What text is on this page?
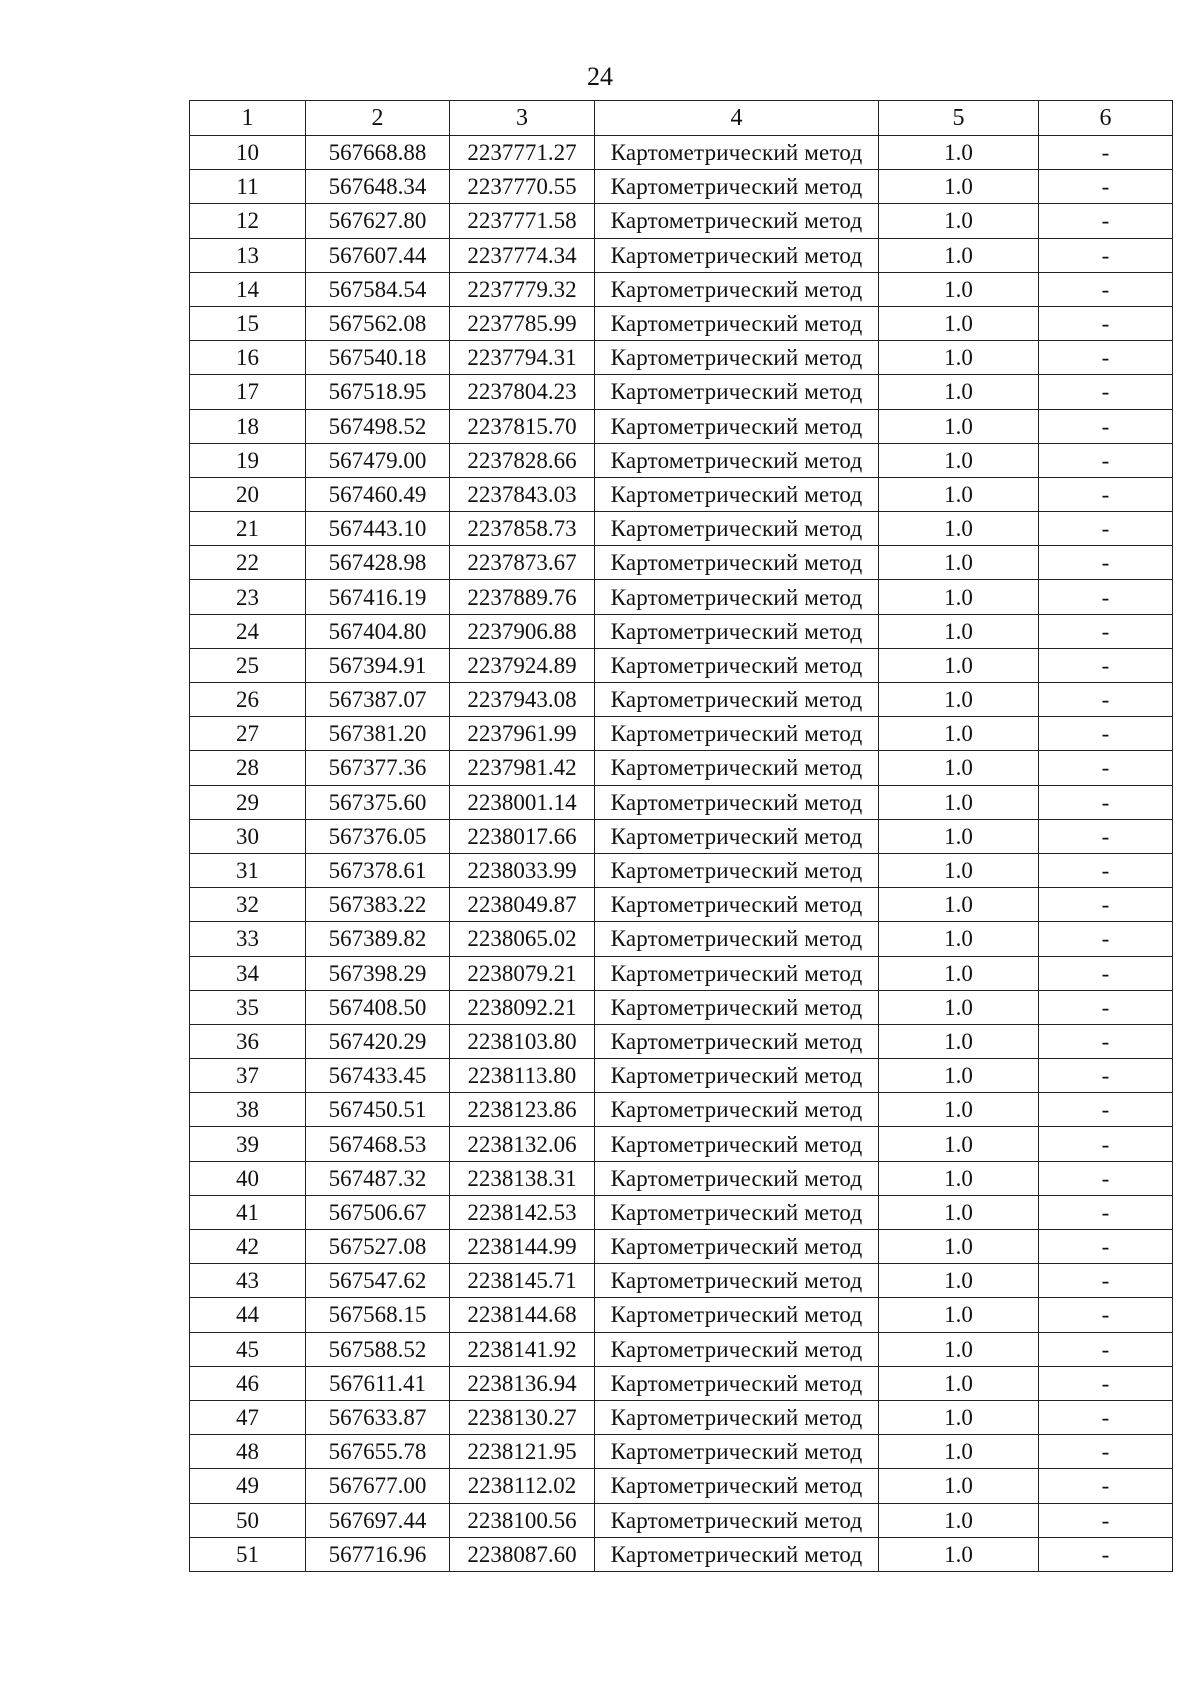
24
1	2	3	4	5	6
10	567668.88	2237771.27	Картометрический метод	1.0	-
11	567648.34	2237770.55	Картометрический метод	1.0	-
12	567627.80	2237771.58	Картометрический метод	1.0	-
13	567607.44	2237774.34	Картометрический метод	1.0	-
14	567584.54	2237779.32	Картометрический метод	1.0	-
15	567562.08	2237785.99	Картометрический метод	1.0	-
16	567540.18	2237794.31	Картометрический метод	1.0	-
17	567518.95	2237804.23	Картометрический метод	1.0	-
18	567498.52	2237815.70	Картометрический метод	1.0	-
19	567479.00	2237828.66	Картометрический метод	1.0	-
20	567460.49	2237843.03	Картометрический метод	1.0	-
21	567443.10	2237858.73	Картометрический метод	1.0	-
22	567428.98	2237873.67	Картометрический метод	1.0	-
23	567416.19	2237889.76	Картометрический метод	1.0	-
24	567404.80	2237906.88	Картометрический метод	1.0	-
25	567394.91	2237924.89	Картометрический метод	1.0	-
26	567387.07	2237943.08	Картометрический метод	1.0	-
27	567381.20	2237961.99	Картометрический метод	1.0	-
28	567377.36	2237981.42	Картометрический метод	1.0	-
29	567375.60	2238001.14	Картометрический метод	1.0	-
30	567376.05	2238017.66	Картометрический метод	1.0	-
31	567378.61	2238033.99	Картометрический метод	1.0	-
32	567383.22	2238049.87	Картометрический метод	1.0	-
33	567389.82	2238065.02	Картометрический метод	1.0	-
34	567398.29	2238079.21	Картометрический метод	1.0	-
35	567408.50	2238092.21	Картометрический метод	1.0	-
36	567420.29	2238103.80	Картометрический метод	1.0	-
37	567433.45	2238113.80	Картометрический метод	1.0	-
38	567450.51	2238123.86	Картометрический метод	1.0	-
39	567468.53	2238132.06	Картометрический метод	1.0	-
40	567487.32	2238138.31	Картометрический метод	1.0	-
41	567506.67	2238142.53	Картометрический метод	1.0	-
42	567527.08	2238144.99	Картометрический метод	1.0	-
43	567547.62	2238145.71	Картометрический метод	1.0	-
44	567568.15	2238144.68	Картометрический метод	1.0	-
45	567588.52	2238141.92	Картометрический метод	1.0	-
46	567611.41	2238136.94	Картометрический метод	1.0	-
47	567633.87	2238130.27	Картометрический метод	1.0	-
48	567655.78	2238121.95	Картометрический метод	1.0	-
49	567677.00	2238112.02	Картометрический метод	1.0	-
50	567697.44	2238100.56	Картометрический метод	1.0	-
51	567716.96	2238087.60	Картометрический метод	1.0	-
